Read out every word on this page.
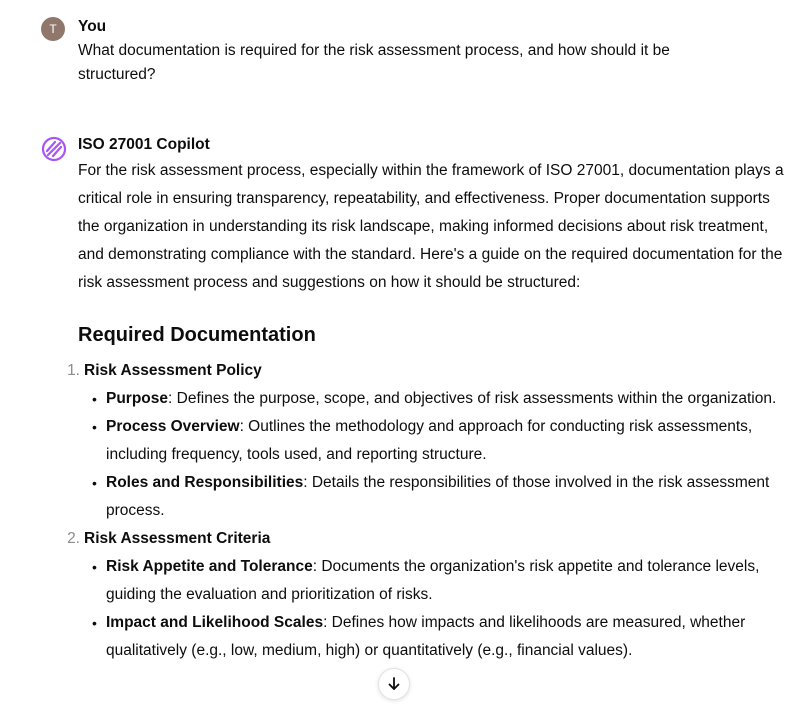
T	You

What documentation is required for the risk assessment process, and how should it be structured?

ISO 27001 Copilot

For the risk assessment process, especially within the framework of ISO 27001, documentation plays a critical role in ensuring transparency, repeatability, and effectiveness. Proper documentation supports the organization in understanding its risk landscape, making informed decisions about risk treatment, and demonstrating compliance with the standard. Here's a guide on the required documentation for the risk assessment process and suggestions on how it should be structured:

Required Documentation
1. Risk Assessment Policy
• Purpose: Defines the purpose, scope, and objectives of risk assessments within the organization.
• Process Overview: Outlines the methodology and approach for conducting risk assessments, including frequency, tools used, and reporting structure.
• Roles and Responsibilities: Details the responsibilities of those involved in the risk assessment process.
2. Risk Assessment Criteria
• Risk Appetite and Tolerance: Documents the organization's risk appetite and tolerance levels, guiding the evaluation and prioritization of risks.
• Impact and Likelihood Scales: Defines how impacts and likelihoods are measured, whether qualitatively (e.g., low, medium, high) or quantitatively (e.g., financial values).
